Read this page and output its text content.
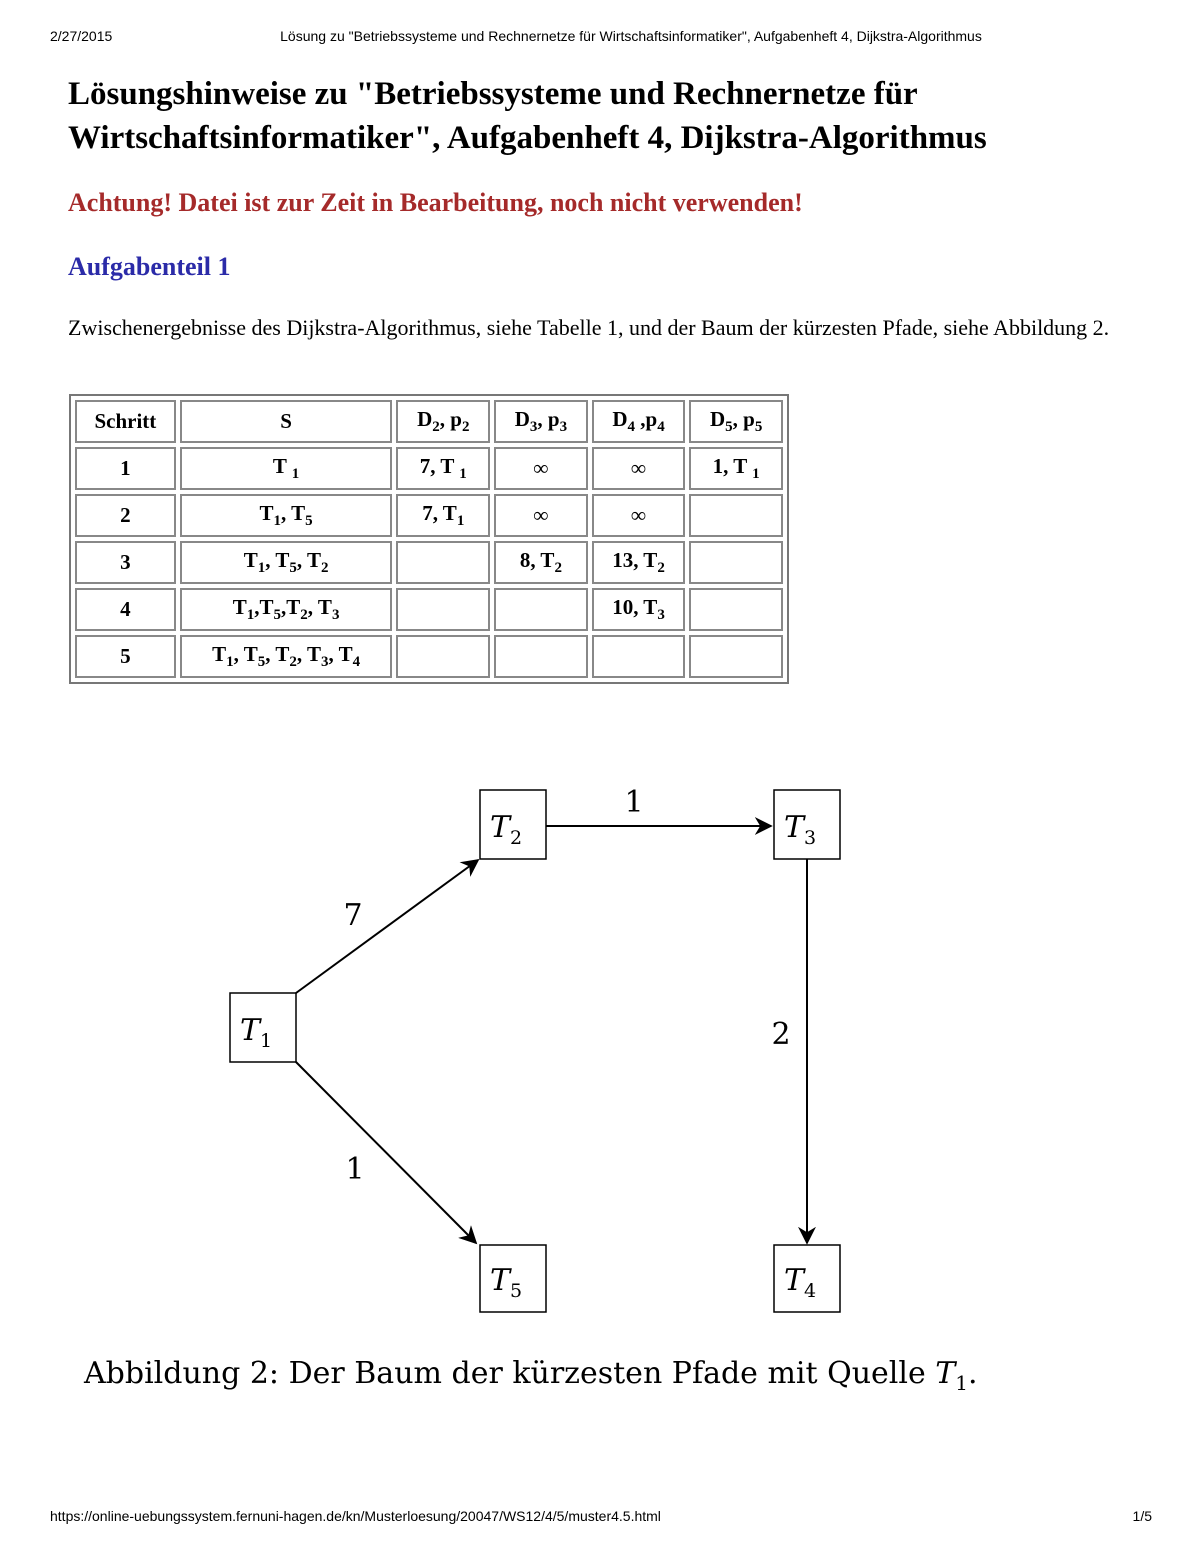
2/27/2015	Lösung zu "Betriebssysteme und Rechnernetze für Wirtschaftsinformatiker", Aufgabenheft 4, Dijkstra-Algorithmus
Lösungshinweise zu "Betriebssysteme und Rechnernetze für Wirtschaftsinformatiker", Aufgabenheft 4, Dijkstra-Algorithmus

Achtung! Datei ist zur Zeit in Bearbeitung, noch nicht verwenden!

Aufgabenteil 1

Zwischenergebnisse des Dijkstra-Algorithmus, siehe Tabelle 1, und der Baum der kürzesten Pfade, siehe Abbildung 2.

Schritt	S	$D_2$, $p_2$	$D_3$, $p_3$	$D_4$ $,p_4$	$D_5$, $p_5$
1	T $_1$	7, T $_1$	∞	∞	1, T $_1$
2	$T_1$, $T_5$	7, $T_1$	∞	∞	
3	$T_1$, $T_5$, $T_2$		8, $T_2$	13, $T_2$	
4	$T_1,T_5,T_2$, $T_3$			10, $T_3$	
5	$T_1$, $T_5$, $T_2$, $T_3$, $T_4$				
7
1
2
1
$T_1$
$T_2$	$T_3$
$T_4$
$T_5$

Abbildung 2: Der Baum der kürzesten Pfade mit Quelle $T_1$.

https://online-uebungssystem.fernuni-hagen.de/kn/Musterloesung/20047/WS12/4/5/muster4.5.html	1/5
